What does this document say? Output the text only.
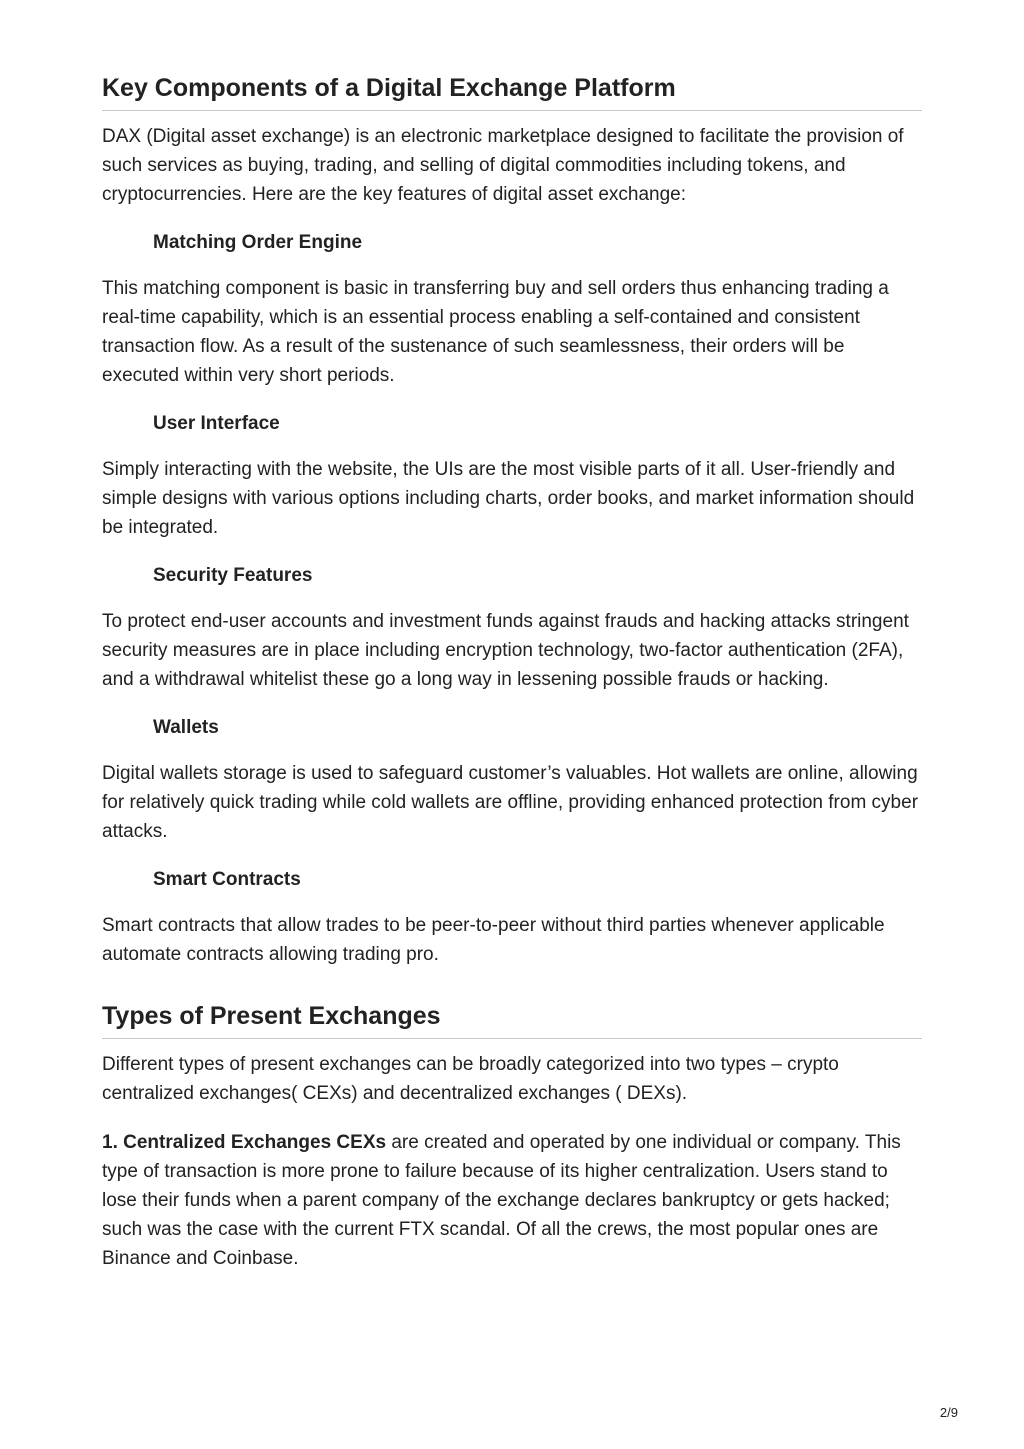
Key Components of a Digital Exchange Platform

DAX (Digital asset exchange) is an electronic marketplace designed to facilitate the provision of such services as buying, trading, and selling of digital commodities including tokens, and cryptocurrencies. Here are the key features of digital asset exchange:

Matching Order Engine

This matching component is basic in transferring buy and sell orders thus enhancing trading a real-time capability, which is an essential process enabling a self-contained and consistent transaction flow. As a result of the sustenance of such seamlessness, their orders will be executed within very short periods.

User Interface

Simply interacting with the website, the UIs are the most visible parts of it all. User-friendly and simple designs with various options including charts, order books, and market information should be integrated.

Security Features

To protect end-user accounts and investment funds against frauds and hacking attacks stringent security measures are in place including encryption technology, two-factor authentication (2FA), and a withdrawal whitelist these go a long way in lessening possible frauds or hacking.

Wallets

Digital wallets storage is used to safeguard customer’s valuables. Hot wallets are online, allowing for relatively quick trading while cold wallets are offline, providing enhanced protection from cyber attacks.

Smart Contracts

Smart contracts that allow trades to be peer-to-peer without third parties whenever applicable automate contracts allowing trading pro.

Types of Present Exchanges

Different types of present exchanges can be broadly categorized into two types – crypto centralized exchanges( CEXs) and decentralized exchanges ( DEXs).

1. Centralized Exchanges CEXs are created and operated by one individual or company. This type of transaction is more prone to failure because of its higher centralization. Users stand to lose their funds when a parent company of the exchange declares bankruptcy or gets hacked; such was the case with the current FTX scandal. Of all the crews, the most popular ones are Binance and Coinbase.

2/9
